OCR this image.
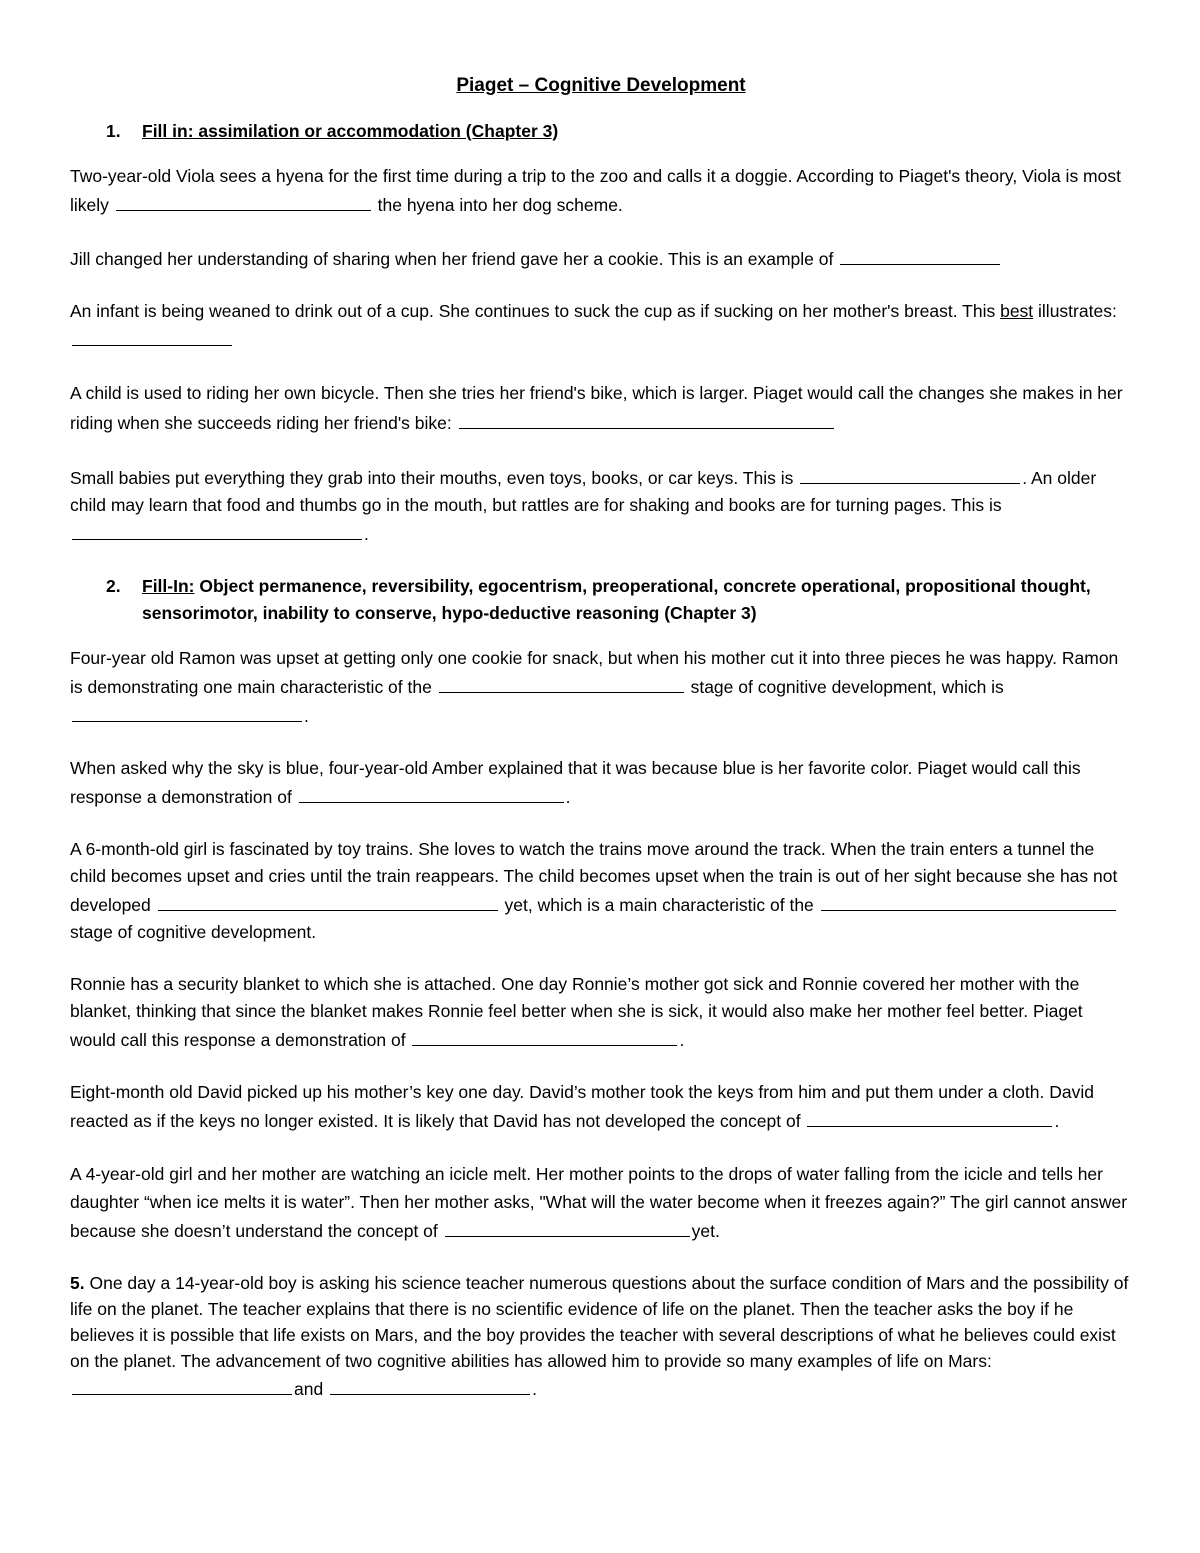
Piaget – Cognitive Development
1. Fill in: assimilation or accommodation (Chapter 3)

Two-year-old Viola sees a hyena for the first time during a trip to the zoo and calls it a doggie. According to Piaget's theory, Viola is most likely	the hyena into her dog scheme.

Jill changed her understanding of sharing when her friend gave her a cookie. This is an example of

An infant is being weaned to drink out of a cup. She continues to suck the cup as if sucking on her mother's breast. This best illustrates:

A child is used to riding her own bicycle. Then she tries her friend's bike, which is larger. Piaget would call the changes she makes in her riding when she succeeds riding her friend's bike:

Small babies put everything they grab into their mouths, even toys, books, or car keys. This is	. An older child may learn that food and thumbs go in the mouth, but rattles are for shaking and books are for turning pages. This is .

2. Fill-In: Object permanence, reversibility, egocentrism, preoperational, concrete operational, propositional thought, sensorimotor, inability to conserve, hypo-deductive reasoning (Chapter 3)

Four-year old Ramon was upset at getting only one cookie for snack, but when his mother cut it into three pieces he was happy. Ramon is demonstrating one main characteristic of the	stage of cognitive development, which is .

When asked why the sky is blue, four-year-old Amber explained that it was because blue is her favorite color. Piaget would call this response a demonstration of	.

A 6-month-old girl is fascinated by toy trains. She loves to watch the trains move around the track. When the train enters a tunnel the child becomes upset and cries until the train reappears. The child becomes upset when the train is out of her sight because she has not developed	yet, which is a main characteristic of the  stage of cognitive development.

Ronnie has a security blanket to which she is attached. One day Ronnie’s mother got sick and Ronnie covered her mother with the blanket, thinking that since the blanket makes Ronnie feel better when she is sick, it would also make her mother feel better. Piaget would call this response a demonstration of	.

Eight-month old David picked up his mother’s key one day. David’s mother took the keys from him and put them under a cloth. David reacted as if the keys no longer existed. It is likely that David has not developed the concept of	.

A 4-year-old girl and her mother are watching an icicle melt. Her mother points to the drops of water falling from the icicle and tells her daughter “when ice melts it is water”. Then her mother asks, "What will the water become when it freezes again?” The girl cannot answer because she doesn’t understand the concept of	yet.

5. One day a 14-year-old boy is asking his science teacher numerous questions about the surface condition of Mars and the possibility of life on the planet. The teacher explains that there is no scientific evidence of life on the planet. Then the teacher asks the boy if he believes it is possible that life exists on Mars, and the boy provides the teacher with several descriptions of what he believes could exist on the planet. The advancement of two cognitive abilities has allowed him to provide so many examples of life on Mars: and	.
